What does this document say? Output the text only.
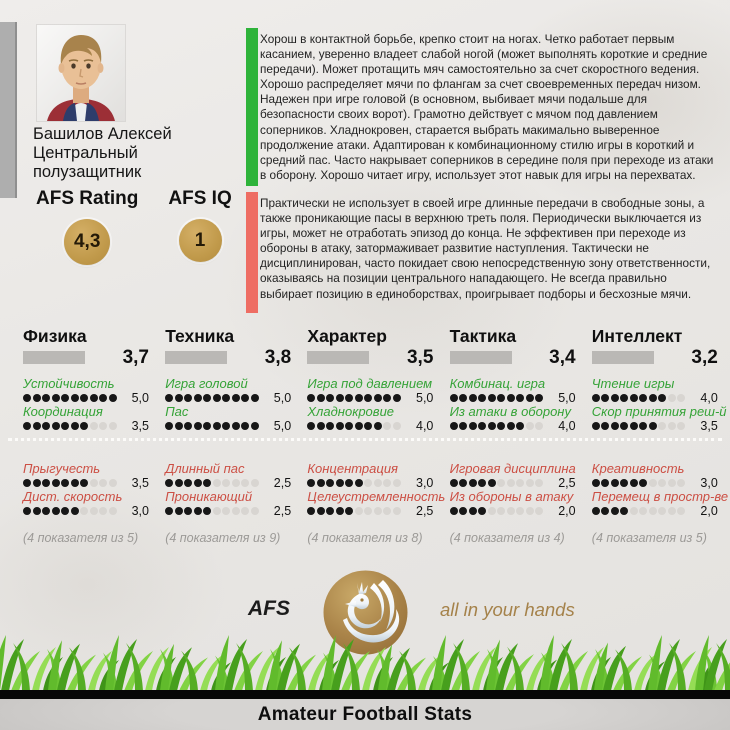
Башилов Алексей
Центральный полузащитник
AFS Rating
4,3
AFS IQ
1
Хорош в контактной борьбе, крепко стоит на ногах. Четко работает первым касанием, уверенно владеет слабой ногой (может выполнять короткие и средние передачи). Может протащить мяч самостоятельно за счет скоростного ведения. Хорошо распределяет мячи по флангам за счет своевременных передач низом. Надежен при игре головой (в основном, выбивает мячи подальше для безопасности своих ворот). Грамотно действует с мячом под давлением соперников. Хладнокровен, старается выбрать макимально выверенное продолжение атаки. Адаптирован к комбинационному стилю игры в короткий и средний пас. Часто накрывает соперников в середине поля при переходе из атаки в оборону. Хорошо читает игру, использует этот навык для игры на перехватах.
Практически не использует в своей игре длинные передачи в свободные зоны, а также проникающие пасы в верхнюю треть поля. Периодически выключается из игры, может не отработать эпизод до конца. Не эффективен при переходе из обороны в атаку, затормаживает развитие наступления. Тактически не дисциплинирован, часто покидает свою непосредственную зону ответственности, оказываясь на позиции центрального нападающего. Не всегда правильно выбирает позицию в единоборствах, проигрывает подборы и бесхозные мячи.
Физика
3,7
Устойчивость
5,0
Координация
3,5
Прыгучесть
3,5
Дист. скорость
3,0
(4 показателя из 5)
Техника
3,8
Игра головой
5,0
Пас
5,0
Длинный пас
2,5
Проникающий
2,5
(4 показателя из 9)
Характер
3,5
Игра под давлением
5,0
Хладнокровие
4,0
Концентрация
3,0
Целеустремленность
2,5
(4 показателя из 8)
Тактика
3,4
Комбинац. игра
5,0
Из атаки в оборону
4,0
Игровая дисциплина
2,5
Из обороны в атаку
2,0
(4 показателя из 4)
Интеллект
3,2
Чтение игры
4,0
Скор принятия реш-й
3,5
Креативность
3,0
Перемещ в простр-ве
2,0
(4 показателя из 5)
AFS	all in your hands
Amateur Football Stats
